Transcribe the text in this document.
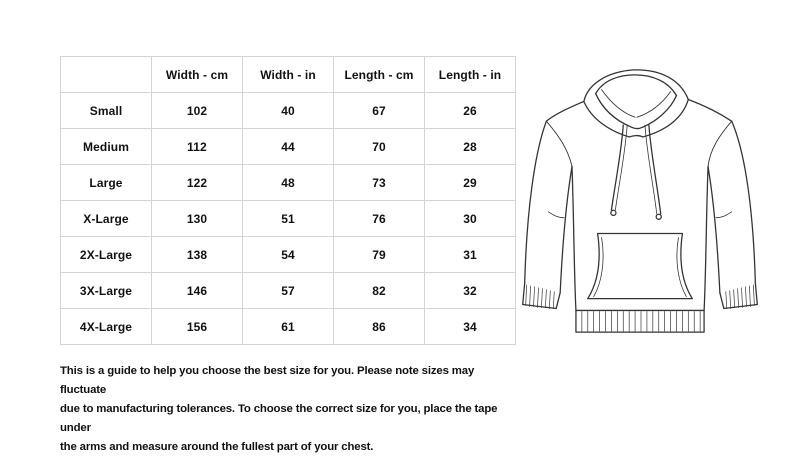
	Width - cm	Width - in	Length - cm	Length - in
Small	102	40	67	26
Medium	112	44	70	28
Large	122	48	73	29
X-Large	130	51	76	30
2X-Large	138	54	79	31
3X-Large	146	57	82	32
4X-Large	156	61	86	34
This is a guide to help you choose the best size for you. Please note sizes may fluctuate
due to manufacturing tolerances. To choose the correct size for you, place the tape under
the arms and measure around the fullest part of your chest.
